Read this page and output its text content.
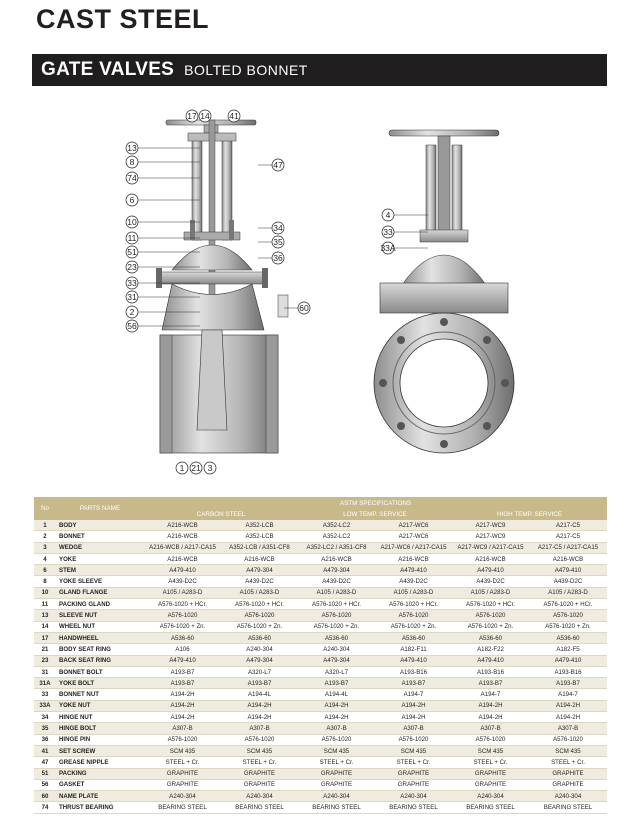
CAST STEEL
GATE VALVES BOLTED BONNET
13
8
74
6
10
11
51
23
33
31
2
56
17 14 41
47
34
35
36
60
1 21 3
4
33
33A
No	PARTS NAME	ASTM SPECIFICATIONS					
		CARBON STEEL		LOW TEMP. SERVICE		HIGH TEMP. SERVICE	
1	BODY	A216-WCB	A352-LCB	A352-LC2	A217-WC6	A217-WC9	A217-C5
2	BONNET	A216-WCB	A352-LCB	A352-LC2	A217-WC6	A217-WC9	A217-C5
3	WEDGE	A216-WCB / A217-CA15	A352-LCB / A351-CF8	A352-LC2 / A351-CF8	A217-WC6 / A217-CA15	A217-WC9 / A217-CA15	A217-C5 / A217-CA15
4	YOKE	A216-WCB	A216-WCB	A216-WCB	A216-WCB	A216-WCB	A216-WCB
6	STEM	A479-410	A479-304	A479-304	A479-410	A479-410	A479-410
8	YOKE SLEEVE	A439-D2C	A439-D2C	A439-D2C	A439-D2C	A439-D2C	A439-D2C
10	GLAND FLANGE	A105 / A283-D	A105 / A283-D	A105 / A283-D	A105 / A283-D	A105 / A283-D	A105 / A283-D
11	PACKING GLAND	A576-1020 + HCr.	A576-1020 + HCr.	A576-1020 + HCr.	A576-1020 + HCr.	A576-1020 + HCr.	A576-1020 + HCr.
13	SLEEVE NUT	A576-1020	A576-1020	A576-1020	A576-1020	A576-1020	A576-1020
14	WHEEL NUT	A576-1020 + Zn.	A576-1020 + Zn.	A576-1020 + Zn.	A576-1020 + Zn.	A576-1020 + Zn.	A576-1020 + Zn.
17	HANDWHEEL	A536-60	A536-60	A536-60	A536-60	A536-60	A536-60
21	BODY SEAT RING	A106	A240-304	A240-304	A182-F11	A182-F22	A182-F5
23	BACK SEAT RING	A479-410	A479-304	A479-304	A479-410	A479-410	A479-410
31	BONNET BOLT	A193-B7	A320-L7	A320-L7	A193-B16	A193-B16	A193-B16
31A	YOKE BOLT	A193-B7	A193-B7	A193-B7	A193-B7	A193-B7	A193-B7
33	BONNET NUT	A194-2H	A194-4L	A194-4L	A194-7	A194-7	A194-7
33A	YOKE NUT	A194-2H	A194-2H	A194-2H	A194-2H	A194-2H	A194-2H
34	HINGE NUT	A194-2H	A194-2H	A194-2H	A194-2H	A194-2H	A194-2H
35	HINGE BOLT	A307-B	A307-B	A307-B	A307-B	A307-B	A307-B
36	HINGE PIN	A576-1020	A576-1020	A576-1020	A576-1020	A576-1020	A576-1020
41	SET SCREW	SCM 435	SCM 435	SCM 435	SCM 435	SCM 435	SCM 435
47	GREASE NIPPLE	STEEL + Cr.	STEEL + Cr.	STEEL + Cr.	STEEL + Cr.	STEEL + Cr.	STEEL + Cr.
51	PACKING	GRAPHITE	GRAPHITE	GRAPHITE	GRAPHITE	GRAPHITE	GRAPHITE
56	GASKET	GRAPHITE	GRAPHITE	GRAPHITE	GRAPHITE	GRAPHITE	GRAPHITE
60	NAME PLATE	A240-304	A240-304	A240-304	A240-304	A240-304	A240-304
74	THRUST BEARING	BEARING STEEL	BEARING STEEL	BEARING STEEL	BEARING STEEL	BEARING STEEL	BEARING STEEL
